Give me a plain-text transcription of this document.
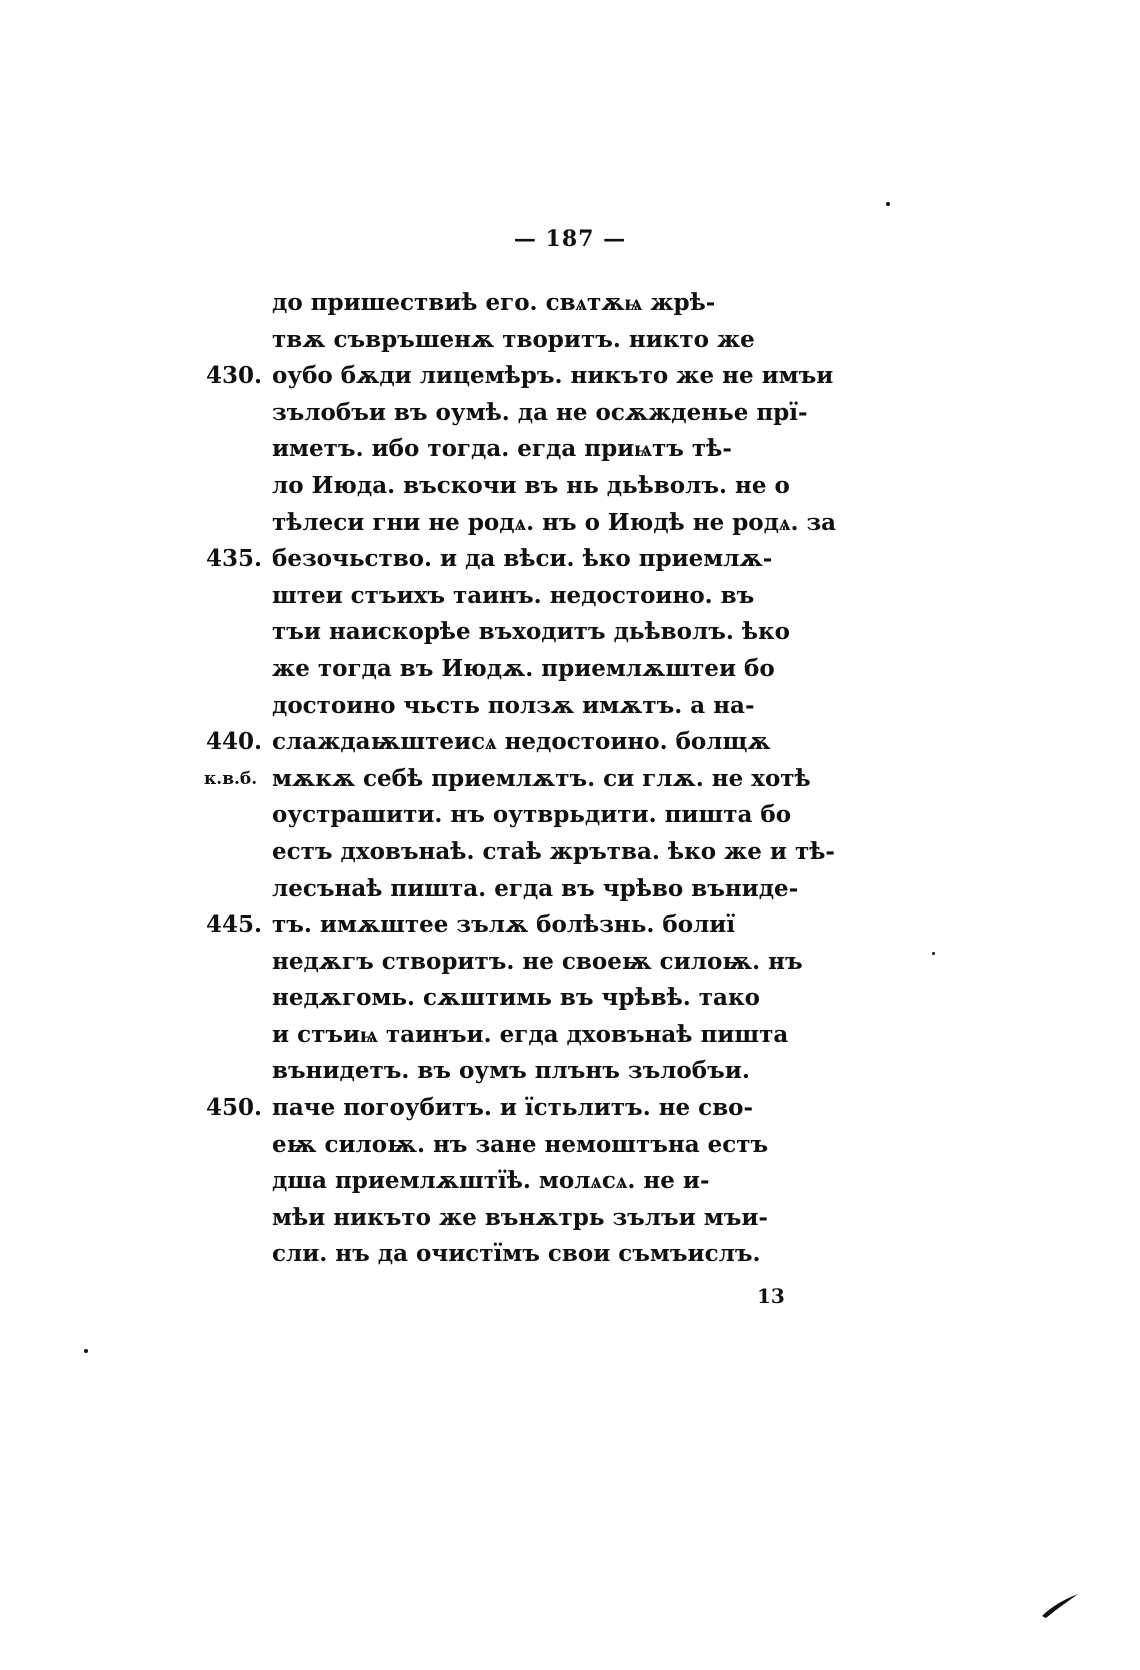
— 187 —
до пришествиѣ его. свѧтѫѩ жрѣ-
твѫ съвръшенѫ творитъ. никто же
430. оубо бѫди лицемѣръ. никъто же не имъи
зълобъи въ оумѣ. да не осѫжденье прї-
иметъ. ибо тогда. егда приѩтъ тѣ-
ло Июда. въскочи въ нь дьѣволъ. не о
тѣлеси гни не родѧ. нъ о Июдѣ не родѧ. за
435. безочьство. и да вѣси. ѣко приемлѫ-
штеи стъихъ таинъ. недостоино. въ
тъи наискорѣе въходитъ дьѣволъ. ѣко
же тогда въ Июдѫ. приемлѫштеи бо
достоино чьсть ползѫ имѫтъ. а на-
440. слаждаѭштеисѧ недостоино. болщѫ
к.в.б. мѫкѫ себѣ приемлѫтъ. си глѫ. не хотѣ
оустрашити. нъ оутврьдити. пишта бо
естъ дховънаѣ. стаѣ жрътва. ѣко же и тѣ-
лесънаѣ пишта. егда въ чрѣво вънидe-
445. тъ. имѫштее зълѫ болѣзнь. болиї
недѫгъ створитъ. не своеѭ силоѭ. нъ
недѫгомь. сѫштимь въ чрѣвѣ. тако
и стъиѩ таинъи. егда дховънаѣ пишта
вънидетъ. въ оумъ плънъ зълобъи.
450. паче погоубитъ. и їстьлитъ. не сво-
еѭ силоѭ. нъ зане немоштъна естъ
дша приемлѫштїѣ. молѧсѧ. не и-
мѣи никъто же вънѫтрь зълъи мъи-
сли. нъ да очистїмъ свои съмъислъ.
13
